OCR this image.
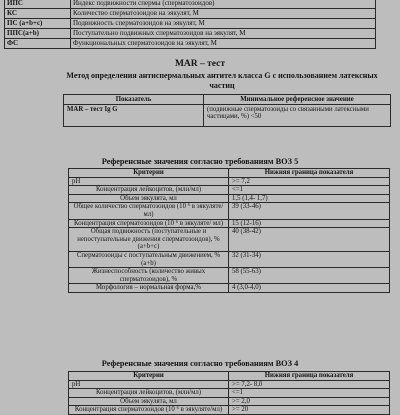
ИПС	Индекс подвижности спермы (сперматозоидов)
КС	Количество сперматозоидов на эякулят, М
ПС (a+b+c)	Подвижность сперматозоидов на эякулят, М
ППС(a+b)	Поступательно подвижных сперматозоидов на эякулят, М
ФС	Функциональных сперматозоидов на эякулят, М
MAR – тест
Метод определения антиспермальных антител класса G с использованием латексных частиц
Показатель	Минимальное референсное значение
MAR – тест Ig G	(подвижные сперматозоиды со связанными латексными частицами, %) <50
Референсные значения согласно требованиям ВОЗ 5
Критерии	Нижняя граница показателя
pH	>= 7,2
Концентрация лейкоцитов, (млн/мл)	<=1
Объем эякулята, мл	1,5 (1,4- 1,7)
Общее количество сперматозоидов (10 ⁶ в эякуляте/мл)	39 (33-46)
Концентрация сперматозоидов (10 ⁶ в эякуляте/ мл)	15 (12-16)
Общая подвижность (поступательные и непоступательные движения сперматозоидов), % (a+b+c)	40 (38-42)
Сперматозоиды с поступательным движением, % (a+b)	32 (31-34)
Жизнеспособность (количество живых сперматозоидов), %	58 (55-63)
Морфология – нормальная форма,%	4 (3,0-4,0)
Референсные значения согласно требованиям ВОЗ 4
Критерии	Нижняя граница показателя
pH	>= 7,2- 8,0
Концентрация лейкоцитов, (млн/мл)	<=1
Объем эякулята, мл	>= 2,0
Концентрация сперматозоидов (10 ⁶ в эякуляте/мл)	>= 20
